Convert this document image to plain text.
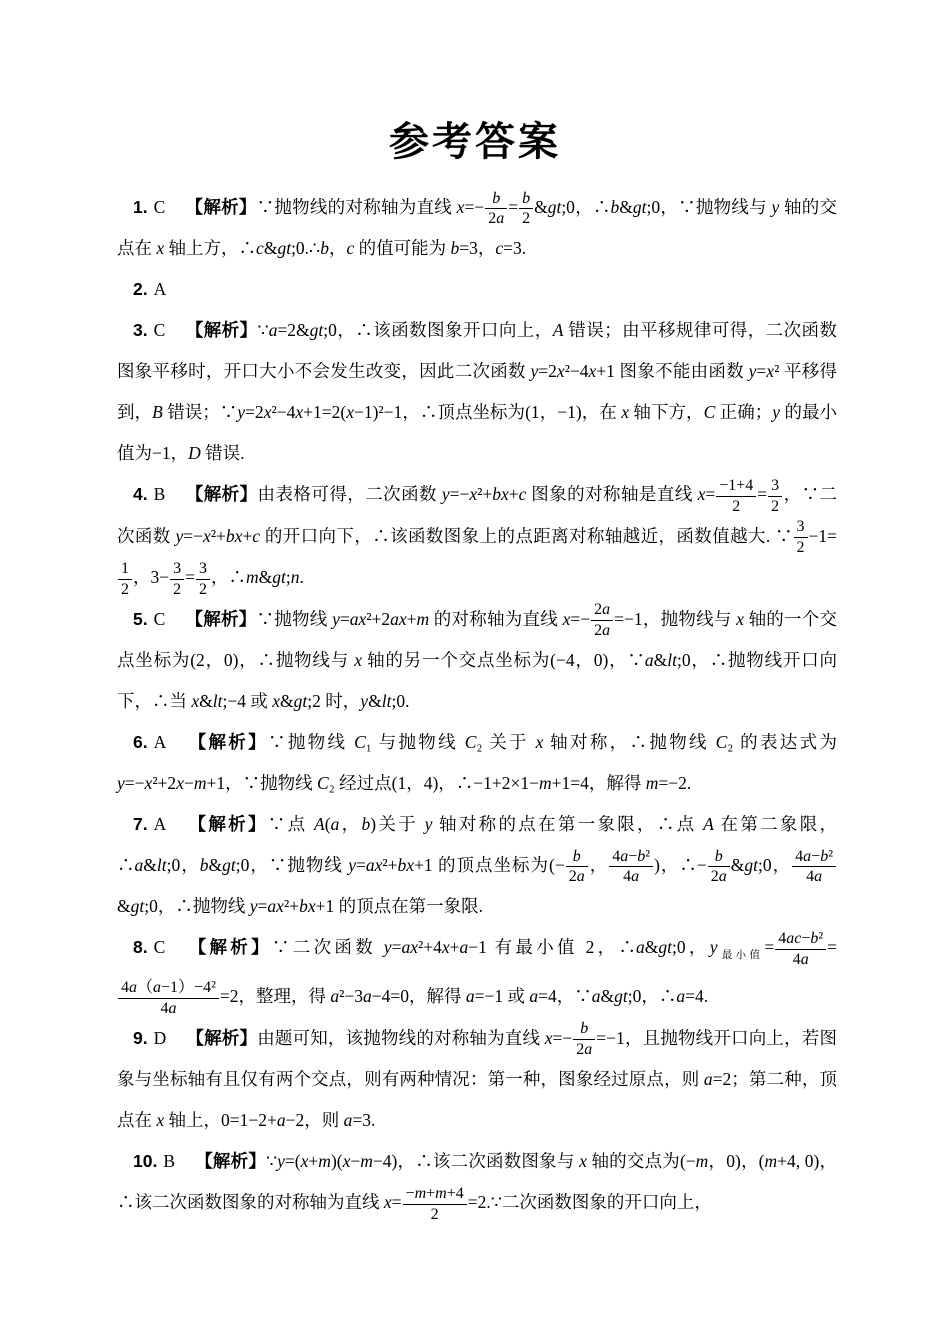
参考答案

1. C 【解析】∵抛物线的对称轴为直线 $x=- \frac{b}{2a} = \frac{b}{2}$ &gt;0，∴b&gt;0，∵抛物线与 y 轴的交点在 x 轴上方，∴c&gt;0.∴b，c 的值可能为 b=3，c=3.

2. A

3. C 【解析】∵a=2&gt;0，∴该函数图象开口向上，A 错误；由平移规律可得，二次函数图象平移时，开口大小不会发生改变，因此二次函数 y=2x²−4x+1 图象不能由函数 y=x² 平移得到，B 错误；∵y=2x²−4x+1=2(x−1)²−1，∴顶点坐标为(1，−1)，在 x 轴下方，C 正确；y 的最小值为−1，D 错误.

4. B 【解析】由表格可得，二次函数 y=−x²+bx+c 图象的对称轴是直线 $x= \frac{-1+4}{2} = \frac{3}{2}$ ，∵二次函数 y=−x²+bx+c 的开口向下，∴该函数图象上的点距离对称轴越近，函数值越大. ∵ $\frac{3}{2} -1=$
$\frac{1}{2}$ ，$3- \frac{3}{2} = \frac{3}{2}$ ，∴m&gt;n.

5. C 【解析】∵抛物线 y=ax²+2ax+m 的对称轴为直线 $x=- \frac{2a}{2a} =-1$，抛物线与 x 轴的一个交点坐标为(2，0)，∴抛物线与 x 轴的另一个交点坐标为(−4，0)，∵a&lt;0，∴抛物线开口向下，∴当 x&lt;−4 或 x&gt;2 时，y&lt;0.

6. A 【解析】∵抛物线 C₁ 与抛物线 C₂ 关于 x 轴对称，∴抛物线 C₂ 的表达式为 y=−x²+2x−m+1，∵抛物线 C₂ 经过点(1，4)，∴−1+2×1−m+1=4，解得 m=−2.

7. A 【解析】∵点 A(a，b)关于 y 轴对称的点在第一象限，∴点 A 在第二象限，∴a&lt;0，b&gt;0，∵抛物线 y=ax²+bx+1 的顶点坐标为(− $\frac{b}{2a}$ ， $\frac{\text{4a−b²}}{4a}$ )，∴− $\frac{b}{2a}$ &gt;0， $\frac{\text{4a−b²}}{4a}$
&gt;0，∴抛物线 y=ax²+bx+1 的顶点在第一象限.

8. C 【解析】∵二次函数 y=ax²+4x+a−1 有最小值 2，∴a&gt;0，$y_{最小值}= \frac{\text{4ac−b²}}{4a}$ =
$\frac{\text{4a（a−1）−4²}}{4a} =2$，整理，得 a²−3a−4=0，解得 a=−1 或 a=4，∵a&gt;0，∴a=4.

9. D 【解析】由题可知，该抛物线的对称轴为直线 $x=- \frac{b}{2a} =-1$，且抛物线开口向上，若图象与坐标轴有且仅有两个交点，则有两种情况：第一种，图象经过原点，则 a=2；第二种，顶点在 x 轴上，0=1−2+a−2，则 a=3.

10. B 【解析】∵y=(x+m)(x−m−4)，∴该二次函数图象与 x 轴的交点为(−m，0)，(m+4, 0)，∴该二次函数图象的对称轴为直线 $x= \frac{-m+m+4}{2}$ =2.∵二次函数图象的开口向上，
